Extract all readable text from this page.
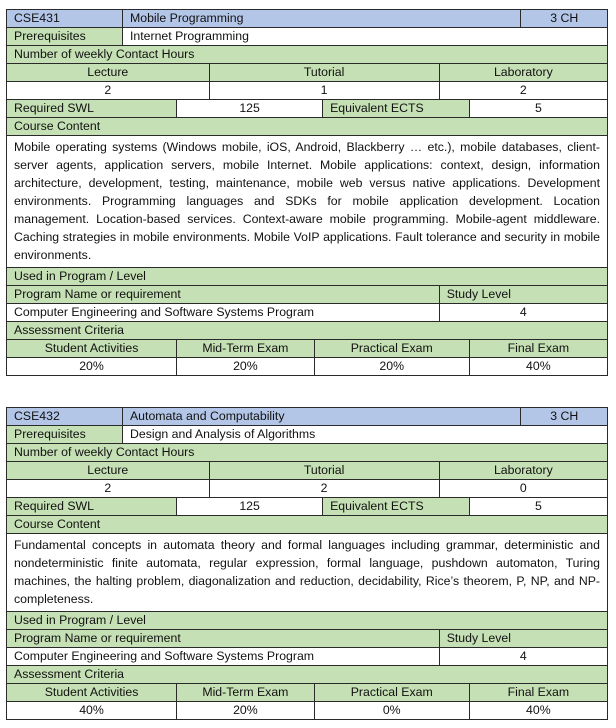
CSE431	Mobile Programming							3 CH
Prerequisites	Internet Programming							
Number of weekly Contact Hours								
Lecture			Tutorial			Laboratory		
2			1			2		
Required SWL		125			Equivalent ECTS		5	
Course Content								
Mobile operating systems (Windows mobile, iOS, Android, Blackberry … etc.), mobile databases, client-server agents, application servers, mobile Internet. Mobile applications: context, design, information architecture, development, testing, maintenance, mobile web versus native applications. Development environments. Programming languages and SDKs for mobile application development. Location management. Location-based services. Context-aware mobile programming. Mobile-agent middleware. Caching strategies in mobile environments. Mobile VoIP applications. Fault tolerance and security in mobile environments.								
Used in Program / Level								
Program Name or requirement						Study Level		
Computer Engineering and Software Systems Program						4		
Assessment Criteria								
Student Activities		Mid-Term Exam		Practical Exam			Final Exam	
20%		20%		20%			40%	
CSE432	Automata and Computability							3 CH
Prerequisites	Design and Analysis of Algorithms							
Number of weekly Contact Hours								
Lecture			Tutorial			Laboratory		
2			2			0		
Required SWL		125			Equivalent ECTS		5	
Course Content								
Fundamental concepts in automata theory and formal languages including grammar, deterministic and nondeterministic finite automata, regular expression, formal language, pushdown automaton, Turing machines, the halting problem, diagonalization and reduction, decidability, Rice’s theorem, P, NP, and NP-completeness.								
Used in Program / Level								
Program Name or requirement						Study Level		
Computer Engineering and Software Systems Program						4		
Assessment Criteria								
Student Activities		Mid-Term Exam		Practical Exam			Final Exam	
40%		20%		0%			40%	
